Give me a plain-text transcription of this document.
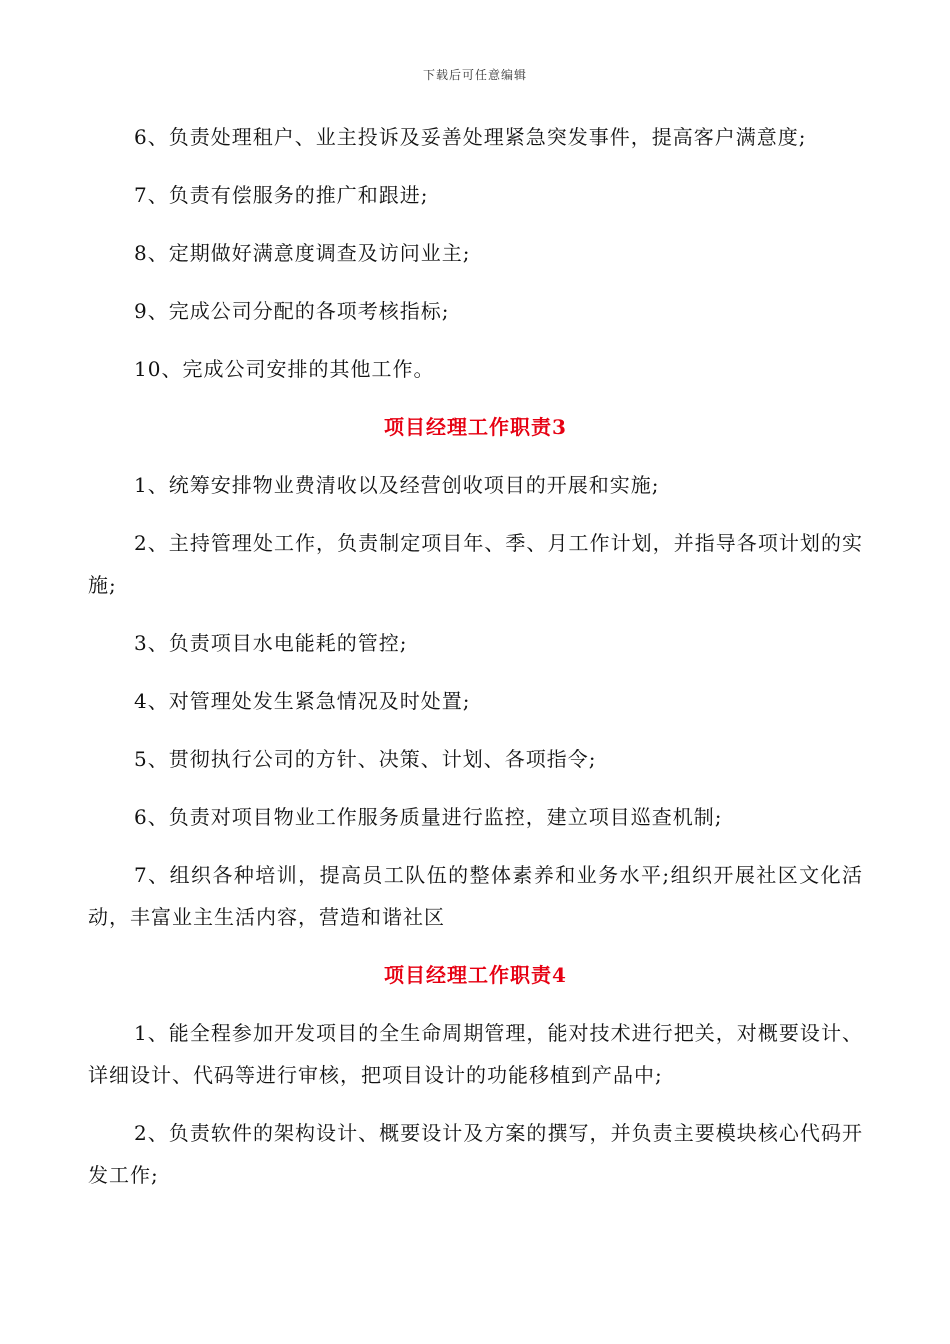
下载后可任意编辑

6、负责处理租户、业主投诉及妥善处理紧急突发事件，提高客户满意度;

7、负责有偿服务的推广和跟进;

8、定期做好满意度调查及访问业主;

9、完成公司分配的各项考核指标;

10、完成公司安排的其他工作。

项目经理工作职责3

1、统筹安排物业费清收以及经营创收项目的开展和实施;

2、主持管理处工作，负责制定项目年、季、月工作计划，并指导各项计划的实施;

3、负责项目水电能耗的管控;

4、对管理处发生紧急情况及时处置;

5、贯彻执行公司的方针、决策、计划、各项指令;

6、负责对项目物业工作服务质量进行监控，建立项目巡查机制;

7、组织各种培训，提高员工队伍的整体素养和业务水平;组织开展社区文化活动，丰富业主生活内容，营造和谐社区

项目经理工作职责4

1、能全程参加开发项目的全生命周期管理，能对技术进行把关，对概要设计、详细设计、代码等进行审核，把项目设计的功能移植到产品中;

2、负责软件的架构设计、概要设计及方案的撰写，并负责主要模块核心代码开发工作;
